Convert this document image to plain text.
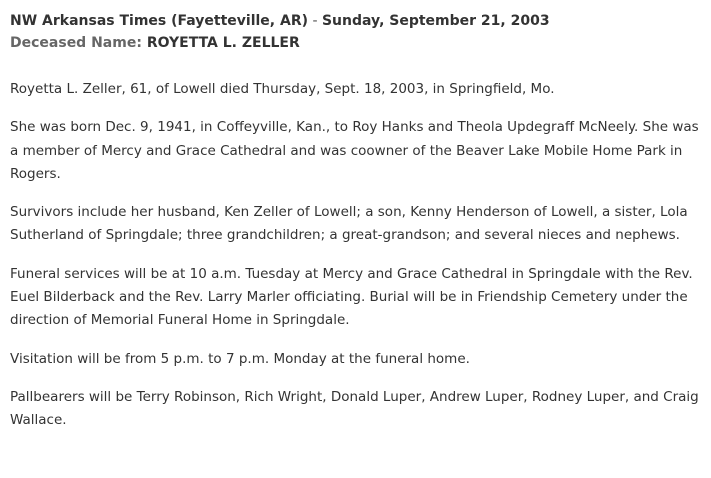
NW Arkansas Times (Fayetteville, AR) - Sunday, September 21, 2003
Deceased Name: ROYETTA L. ZELLER

Royetta L. Zeller, 61, of Lowell died Thursday, Sept. 18, 2003, in Springfield, Mo.

She was born Dec. 9, 1941, in Coffeyville, Kan., to Roy Hanks and Theola Updegraff McNeely. She was a member of Mercy and Grace Cathedral and was coowner of the Beaver Lake Mobile Home Park in Rogers.

Survivors include her husband, Ken Zeller of Lowell; a son, Kenny Henderson of Lowell, a sister, Lola Sutherland of Springdale; three grandchildren; a great-grandson; and several nieces and nephews.

Funeral services will be at 10 a.m. Tuesday at Mercy and Grace Cathedral in Springdale with the Rev. Euel Bilderback and the Rev. Larry Marler officiating. Burial will be in Friendship Cemetery under the direction of Memorial Funeral Home in Springdale.

Visitation will be from 5 p.m. to 7 p.m. Monday at the funeral home.

Pallbearers will be Terry Robinson, Rich Wright, Donald Luper, Andrew Luper, Rodney Luper, and Craig Wallace.
